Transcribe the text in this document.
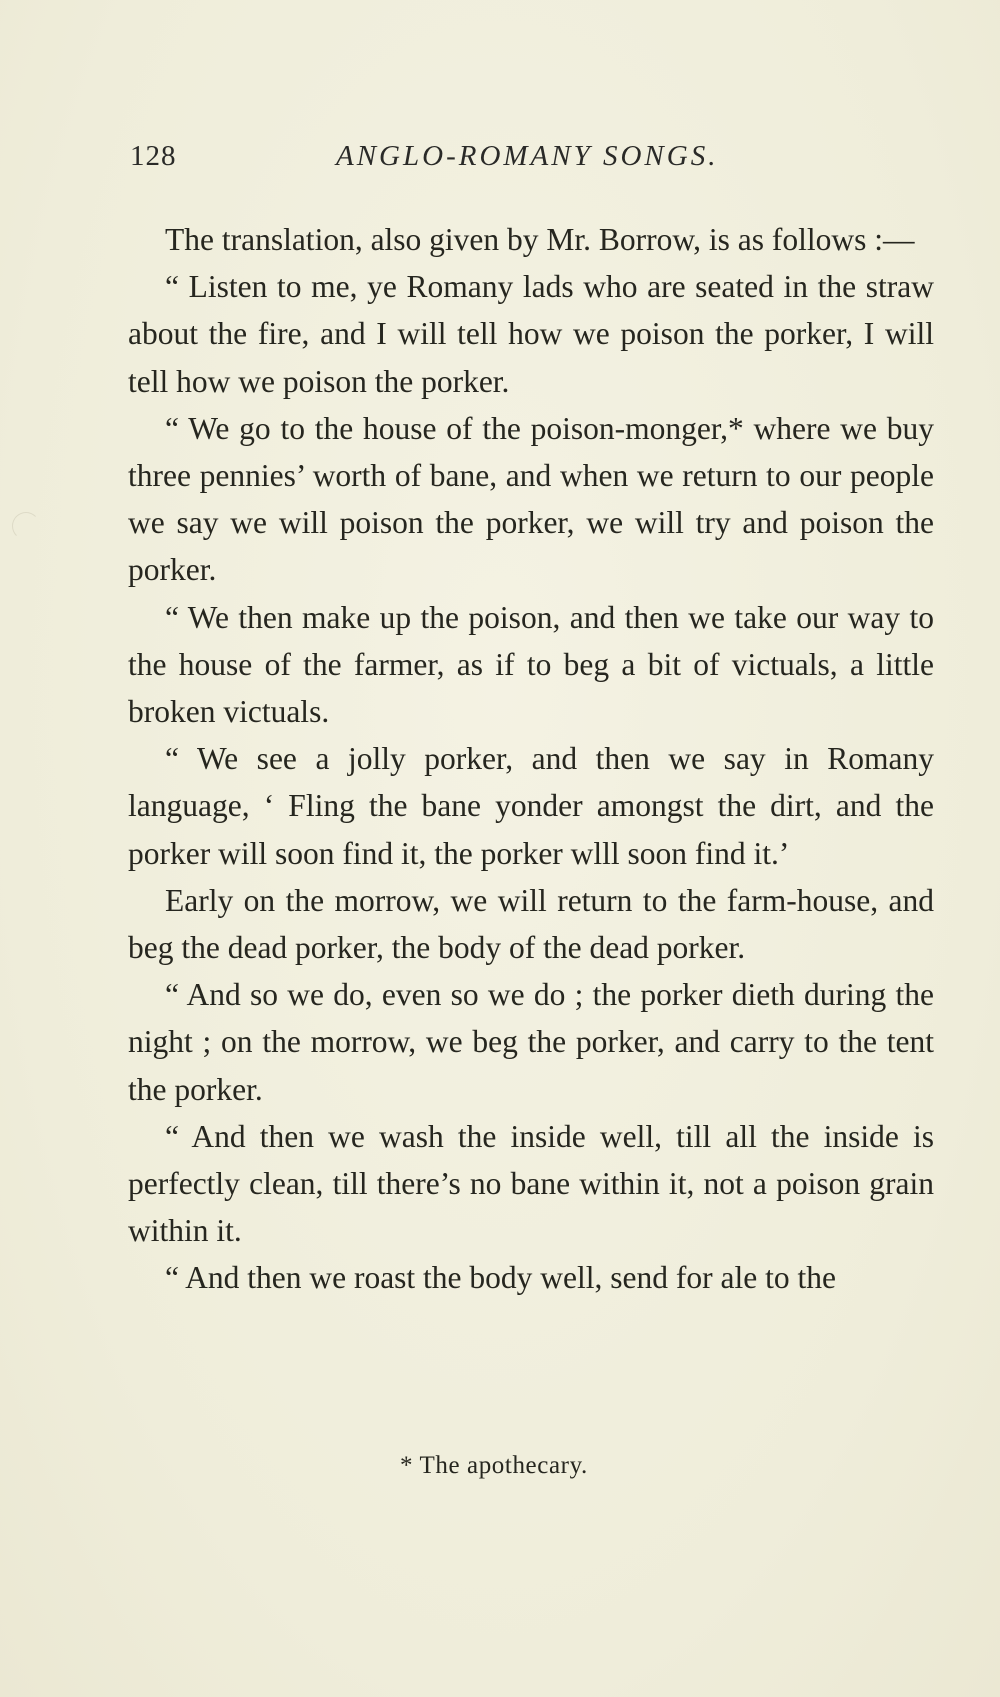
128	ANGLO-ROMANY SONGS.

The translation, also given by Mr. Borrow, is as follows :—

“ Listen to me, ye Romany lads who are seated in the straw about the fire, and I will tell how we poison the porker, I will tell how we poison the porker.

“ We go to the house of the poison-monger,* where we buy three pennies’ worth of bane, and when we return to our people we say we will poison the porker, we will try and poison the porker.

“ We then make up the poison, and then we take our way to the house of the farmer, as if to beg a bit of victuals, a little broken victuals.

“ We see a jolly porker, and then we say in Romany language, ‘ Fling the bane yonder amongst the dirt, and the porker will soon find it, the porker wlll soon find it.’

Early on the morrow, we will return to the farm-house, and beg the dead porker, the body of the dead porker.

“ And so we do, even so we do ; the porker dieth during the night ; on the morrow, we beg the porker, and carry to the tent the porker.

“ And then we wash the inside well, till all the inside is perfectly clean, till there’s no bane within it, not a poison grain within it.

“ And then we roast the body well, send for ale to the

* The apothecary.
